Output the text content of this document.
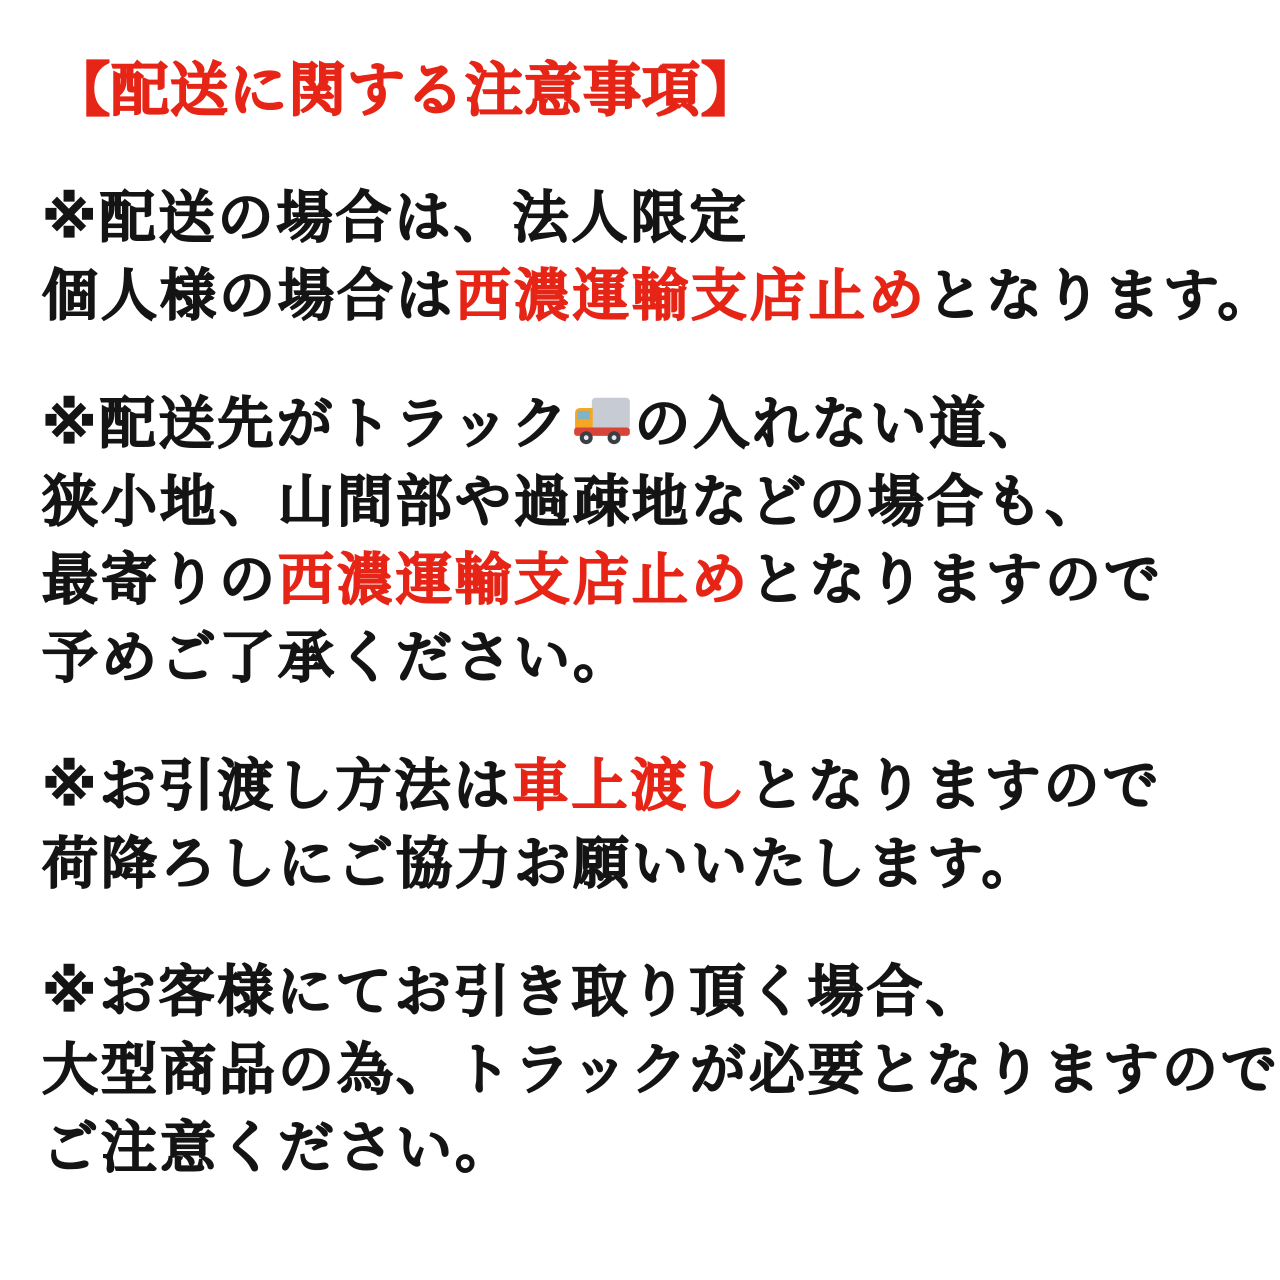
【配送に関する注意事項】
※配送の場合は、法人限定
個人様の場合は西濃運輸支店止めとなります。
※配送先がトラック の入れない道、
狭小地、山間部や過疎地などの場合も、
最寄りの西濃運輸支店止めとなりますので
予めご了承ください。
※お引渡し方法は車上渡しとなりますので
荷降ろしにご協力お願いいたします。
※お客様にてお引き取り頂く場合、
大型商品の為、トラックが必要となりますので
ご注意ください。
